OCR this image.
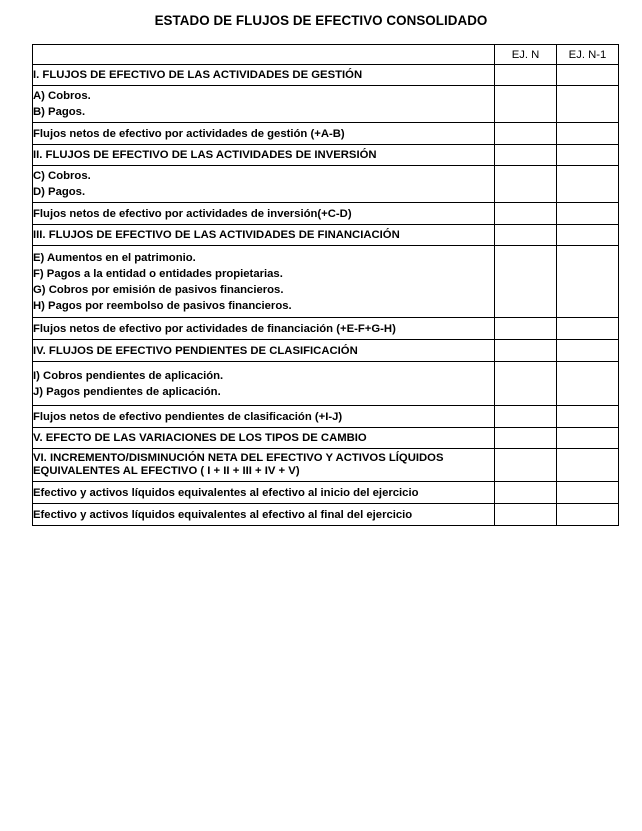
ESTADO DE FLUJOS DE EFECTIVO CONSOLIDADO
	EJ. N	EJ. N-1

I. FLUJOS DE EFECTIVO DE LAS ACTIVIDADES DE GESTIÓN		

A) Cobros.
B) Pagos.		

Flujos netos de efectivo por actividades de gestión (+A-B)		

II. FLUJOS DE EFECTIVO DE LAS ACTIVIDADES DE INVERSIÓN		

C) Cobros.
D) Pagos.		

Flujos netos de efectivo por actividades de inversión(+C-D)		

III. FLUJOS DE EFECTIVO DE LAS ACTIVIDADES DE FINANCIACIÓN		

E) Aumentos en el patrimonio.
F) Pagos a la entidad o entidades propietarias.
G) Cobros por emisión de pasivos financieros.
H) Pagos por reembolso de pasivos financieros.		

Flujos netos de efectivo por actividades de financiación (+E-F+G-H)		

IV. FLUJOS DE EFECTIVO PENDIENTES DE CLASIFICACIÓN		

I) Cobros pendientes de aplicación.
J) Pagos pendientes de aplicación.		

Flujos netos de efectivo pendientes de clasificación (+I-J)		

V. EFECTO DE LAS VARIACIONES DE LOS TIPOS DE CAMBIO		

VI. INCREMENTO/DISMINUCIÓN NETA DEL EFECTIVO Y ACTIVOS LÍQUIDOS
EQUIVALENTES AL EFECTIVO ( I + II + III + IV + V)		

Efectivo y activos líquidos equivalentes al efectivo al inicio del ejercicio		

Efectivo y activos líquidos equivalentes al efectivo al final del ejercicio		
